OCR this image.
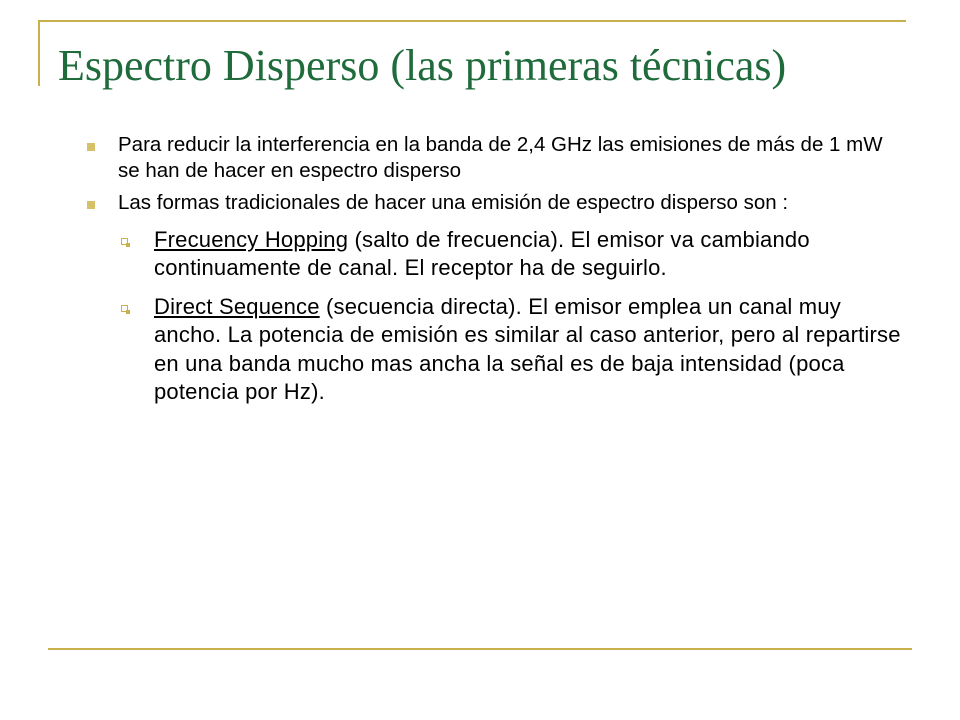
Espectro Disperso (las primeras técnicas)
Para reducir la interferencia en la banda de 2,4 GHz las emisiones de más de 1 mW se han de hacer en espectro disperso
Las formas tradicionales de hacer una emisión de espectro disperso son :
Frecuency Hopping (salto de frecuencia). El emisor va cambiando continuamente de canal. El receptor ha de seguirlo.
Direct Sequence (secuencia directa). El emisor emplea un canal muy ancho. La potencia de emisión es similar al caso anterior, pero al repartirse en una banda mucho mas ancha la señal es de baja intensidad (poca potencia por Hz).
